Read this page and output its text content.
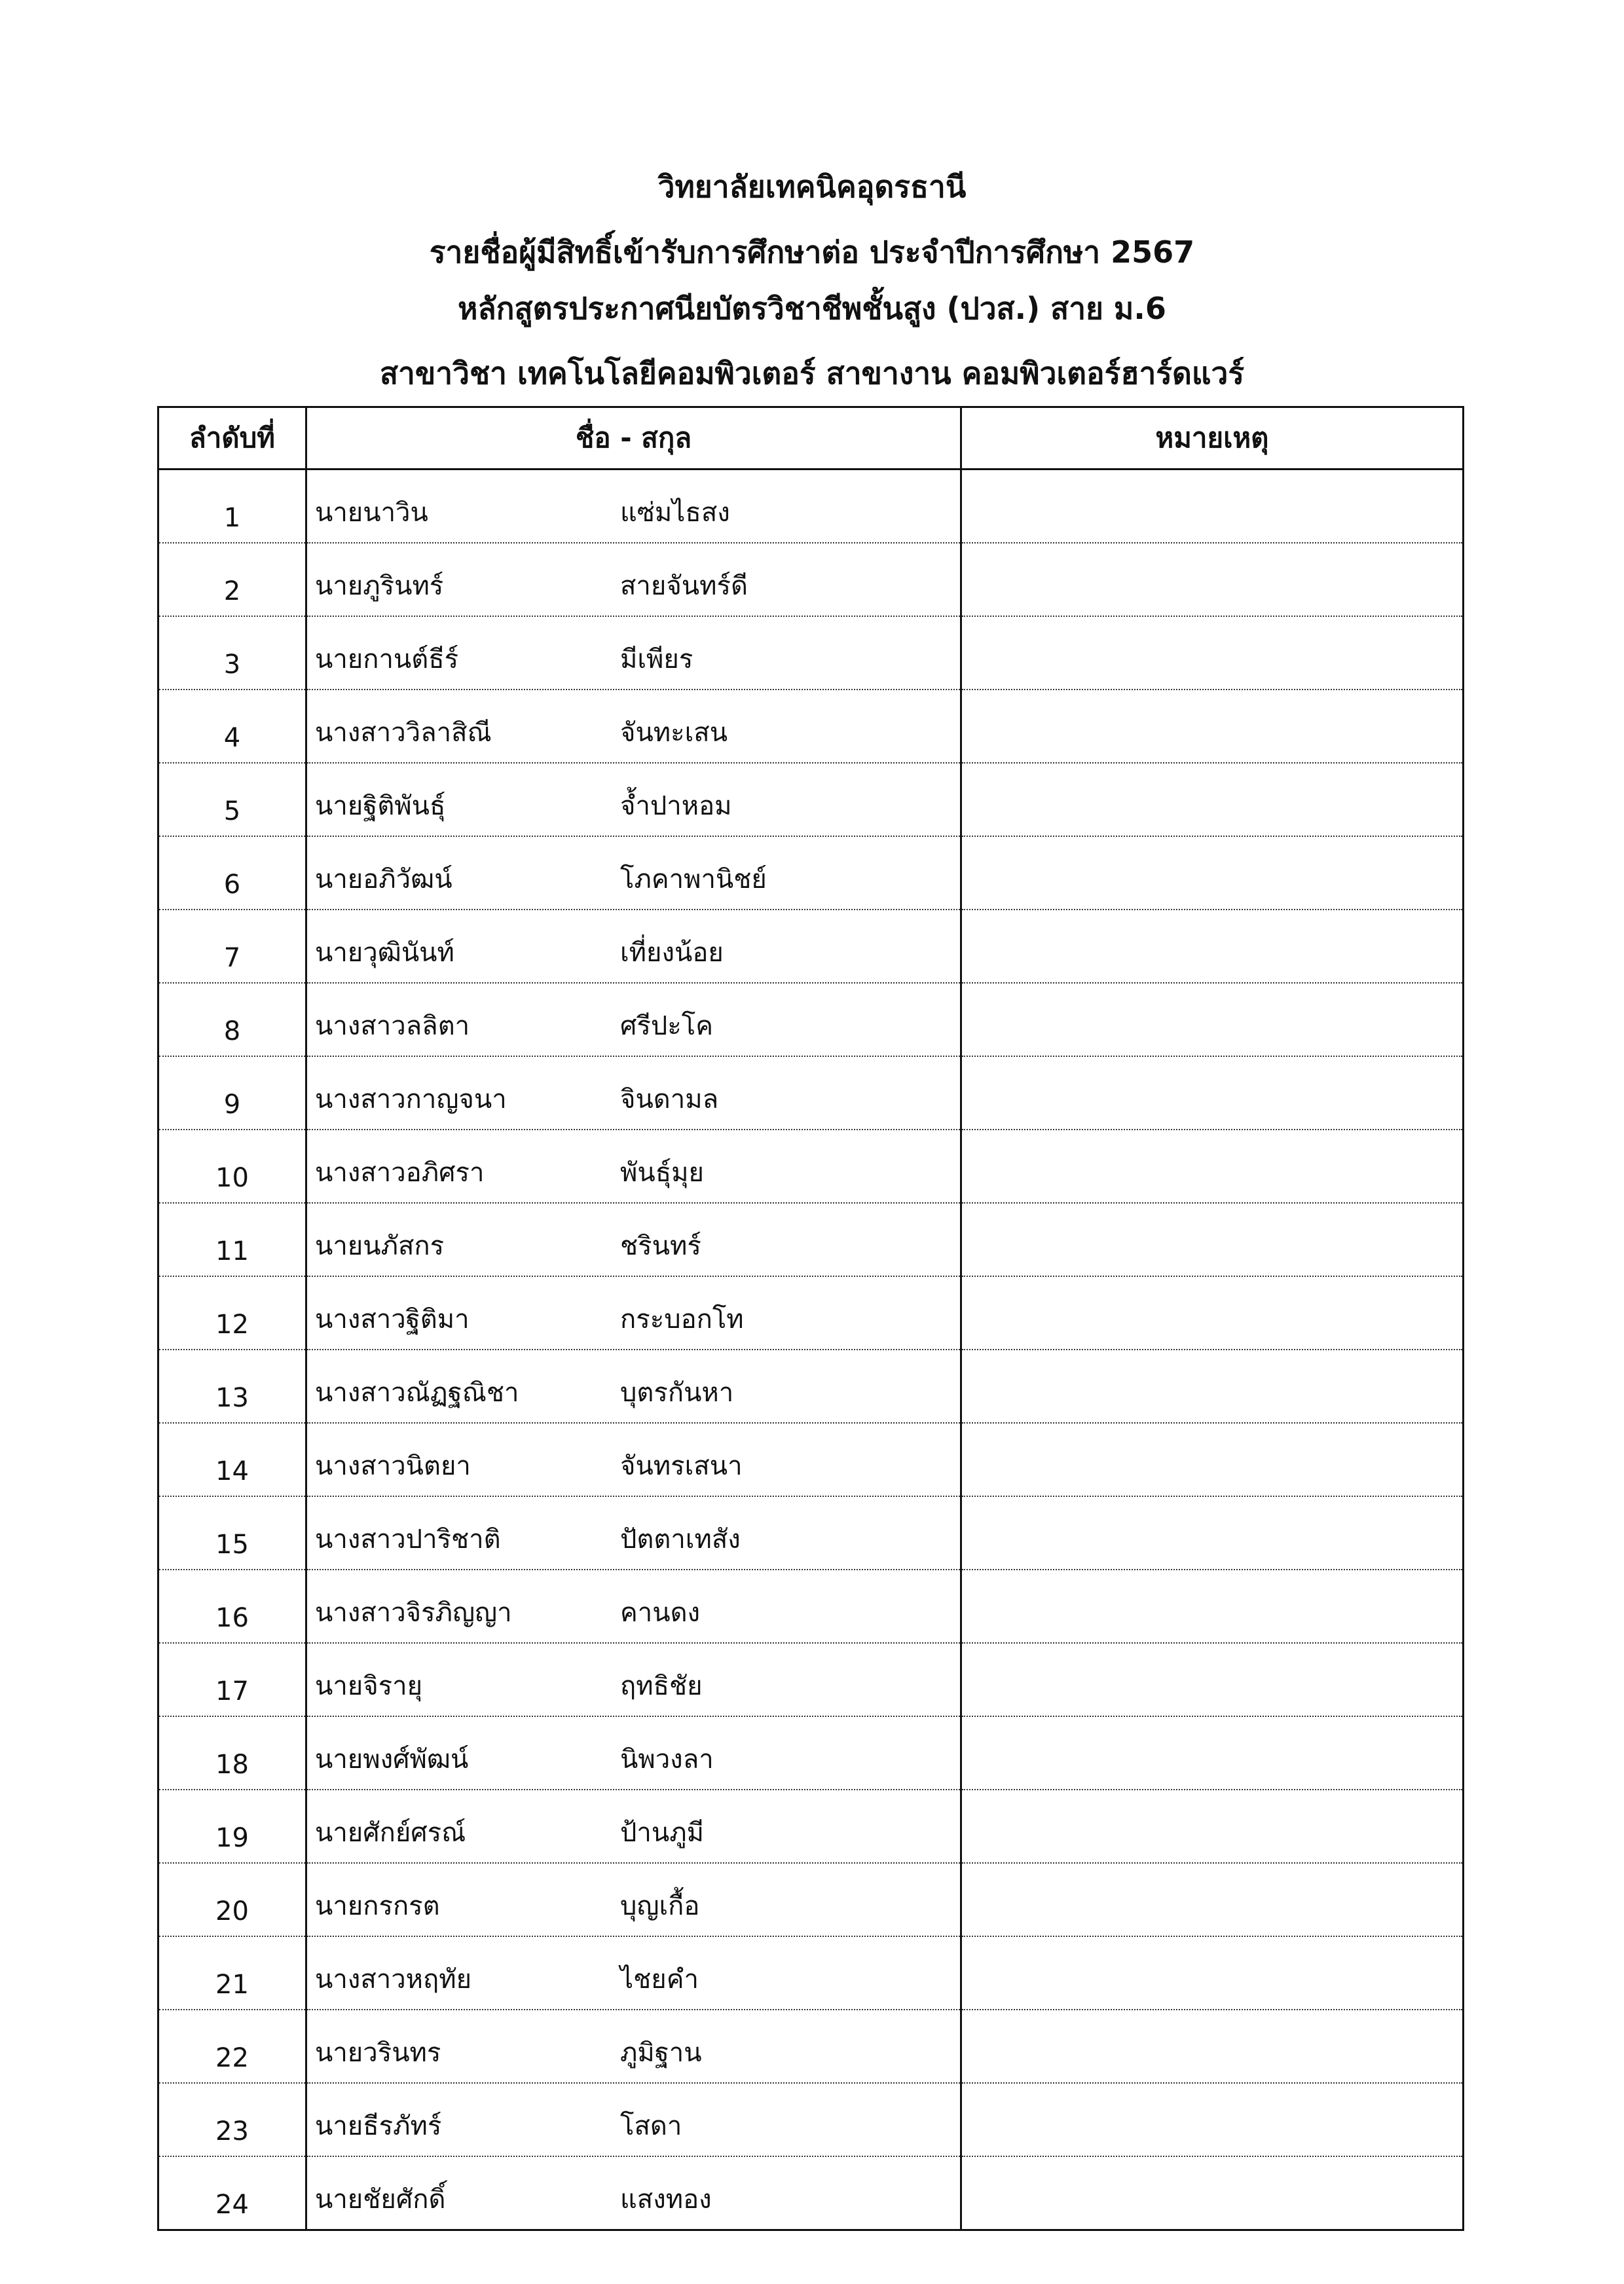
วิทยาลัยเทคนิคอุดรธานี
รายชื่อผู้มีสิทธิ์เข้ารับการศึกษาต่อ ประจำปีการศึกษา 2567
หลักสูตรประกาศนียบัตรวิชาชีพชั้นสูง (ปวส.) สาย ม.6
สาขาวิชา เทคโนโลยีคอมพิวเตอร์ สาขางาน คอมพิวเตอร์ฮาร์ดแวร์
ลำดับที่	ชื่อ - สกุล	หมายเหตุ
1	นายนาวิน แซ่มไธสง	
2	นายภูรินทร์ สายจันทร์ดี	
3	นายกานต์ธีร์ มีเพียร	
4	นางสาววิลาสิณี จันทะเสน	
5	นายฐิติพันธุ์ จ้ำปาหอม	
6	นายอภิวัฒน์ โภคาพานิชย์	
7	นายวุฒินันท์ เที่ยงน้อย	
8	นางสาวลลิตา ศรีปะโค	
9	นางสาวกาญจนา จินดามล	
10	นางสาวอภิศรา พันธุ์มุย	
11	นายนภัสกร ชรินทร์	
12	นางสาวฐิติมา กระบอกโท	
13	นางสาวณัฏฐณิชา บุตรกันหา	
14	นางสาวนิตยา จันทรเสนา	
15	นางสาวปาริชาติ ปัตตาเทสัง	
16	นางสาวจิรภิญญา คานดง	
17	นายจิรายุ ฤทธิชัย	
18	นายพงศ์พัฒน์ นิพวงลา	
19	นายศักย์ศรณ์ ป้านภูมี	
20	นายกรกรต บุญเกื้อ	
21	นางสาวหฤทัย ไชยคำ	
22	นายวรินทร ภูมิฐาน	
23	นายธีรภัทร์ โสดา	
24	นายชัยศักดิ์ แสงทอง	
